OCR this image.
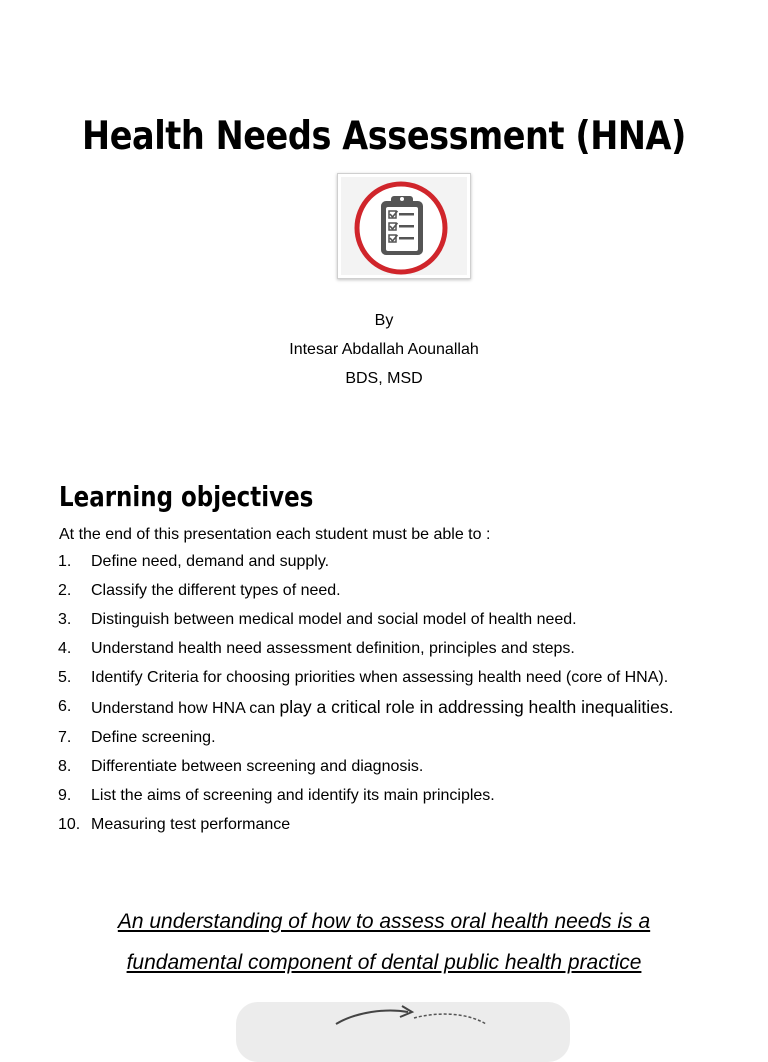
Health Needs Assessment (HNA)
By
Intesar Abdallah Aounallah
BDS, MSD
Learning objectives
At the end of this presentation each student must be able to :
1. Define need, demand and supply.
2. Classify the different types of need.
3. Distinguish between medical model and social model of health need.
4. Understand health need assessment definition, principles and steps.
5. Identify Criteria for choosing priorities when assessing health need (core of HNA).
6. Understand how HNA can play a critical role in addressing health inequalities.
7. Define screening.
8. Differentiate between screening and diagnosis.
9. List the aims of screening and identify its main principles.
10. Measuring test performance
An understanding of how to assess oral health needs is a
fundamental component of dental public health practice
